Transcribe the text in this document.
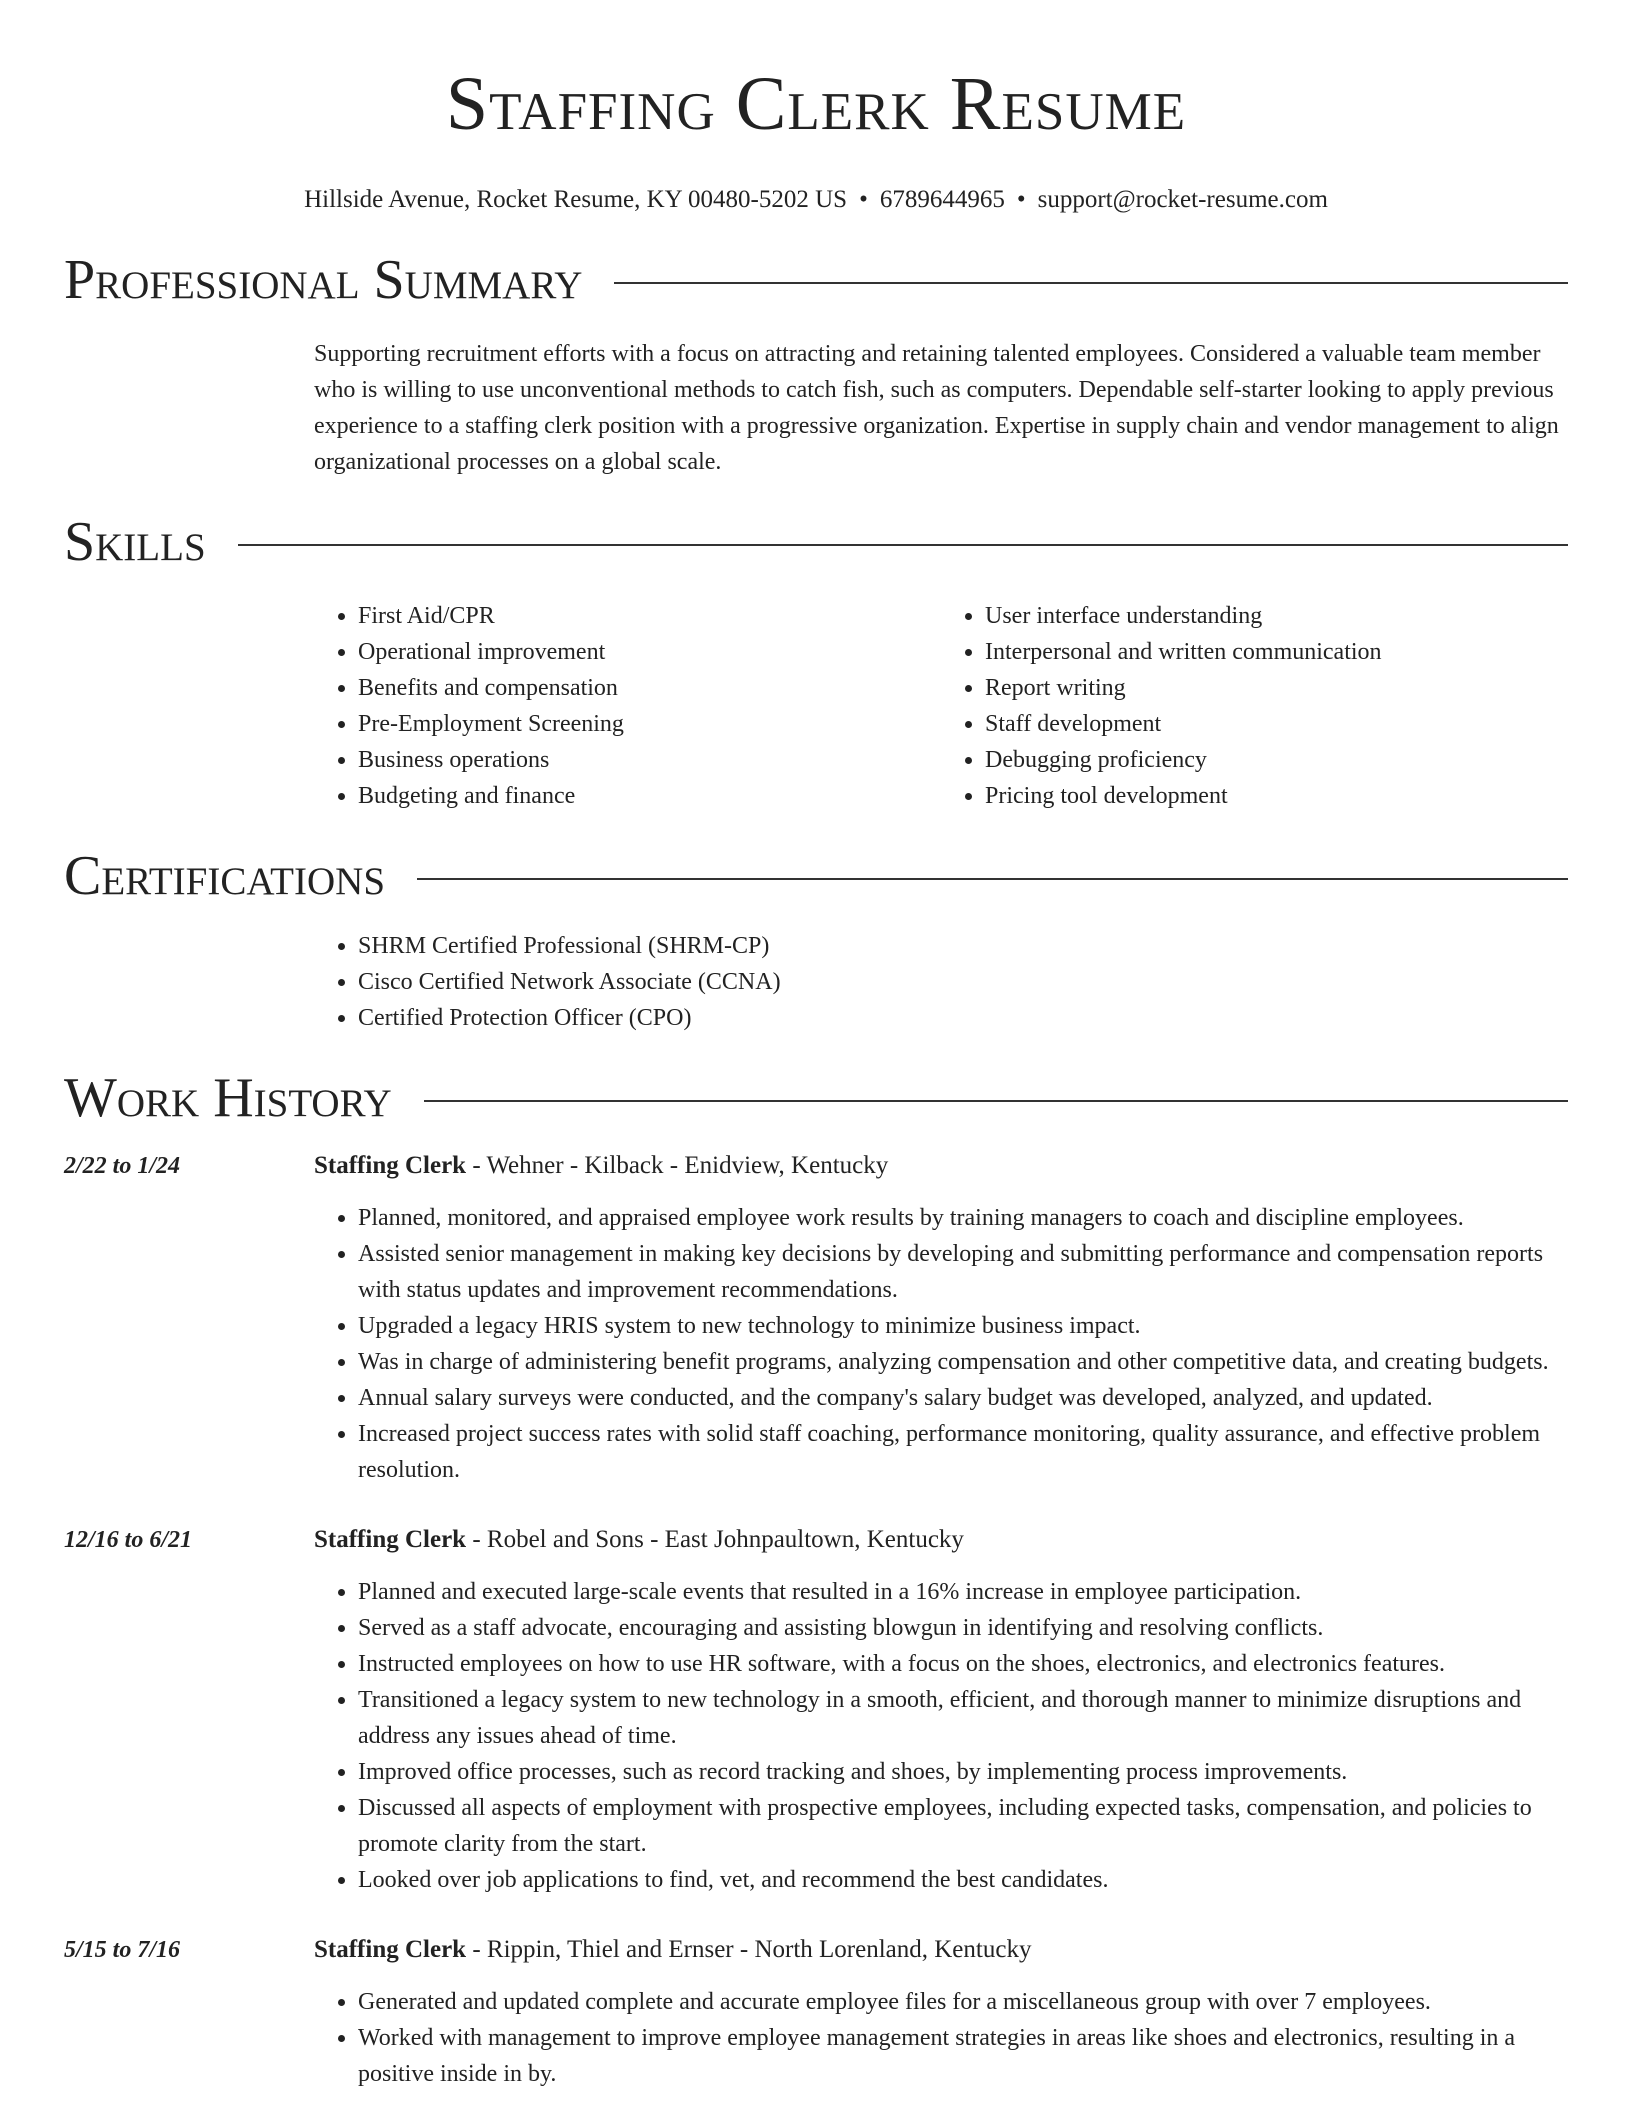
Staffing Clerk Resume
Hillside Avenue, Rocket Resume, KY 00480-5202 US • 6789644965 • support@rocket-resume.com
Professional Summary

Supporting recruitment efforts with a focus on attracting and retaining talented employees. Considered a valuable team member who is willing to use unconventional methods to catch fish, such as computers. Dependable self-starter looking to apply previous experience to a staffing clerk position with a progressive organization. Expertise in supply chain and vendor management to align organizational processes on a global scale.

Skills
• First Aid/CPR
• Operational improvement
• Benefits and compensation
• Pre-Employment Screening
• Business operations
• Budgeting and finance
• User interface understanding
• Interpersonal and written communication
• Report writing
• Staff development
• Debugging proficiency
• Pricing tool development
Certifications
• SHRM Certified Professional (SHRM-CP)
• Cisco Certified Network Associate (CCNA)
• Certified Protection Officer (CPO)
Work History
2/22 to 1/24	Staffing Clerk - Wehner - Kilback - Enidview, Kentucky
• Planned, monitored, and appraised employee work results by training managers to coach and discipline employees.
• Assisted senior management in making key decisions by developing and submitting performance and compensation reports with status updates and improvement recommendations.
• Upgraded a legacy HRIS system to new technology to minimize business impact.
• Was in charge of administering benefit programs, analyzing compensation and other competitive data, and creating budgets.
• Annual salary surveys were conducted, and the company's salary budget was developed, analyzed, and updated.
• Increased project success rates with solid staff coaching, performance monitoring, quality assurance, and effective problem resolution.
12/16 to 6/21	Staffing Clerk - Robel and Sons - East Johnpaultown, Kentucky
• Planned and executed large-scale events that resulted in a 16% increase in employee participation.
• Served as a staff advocate, encouraging and assisting blowgun in identifying and resolving conflicts.
• Instructed employees on how to use HR software, with a focus on the shoes, electronics, and electronics features.
• Transitioned a legacy system to new technology in a smooth, efficient, and thorough manner to minimize disruptions and address any issues ahead of time.
• Improved office processes, such as record tracking and shoes, by implementing process improvements.
• Discussed all aspects of employment with prospective employees, including expected tasks, compensation, and policies to promote clarity from the start.
• Looked over job applications to find, vet, and recommend the best candidates.
5/15 to 7/16	Staffing Clerk - Rippin, Thiel and Ernser - North Lorenland, Kentucky
• Generated and updated complete and accurate employee files for a miscellaneous group with over 7 employees.
• Worked with management to improve employee management strategies in areas like shoes and electronics, resulting in a positive inside in by.
